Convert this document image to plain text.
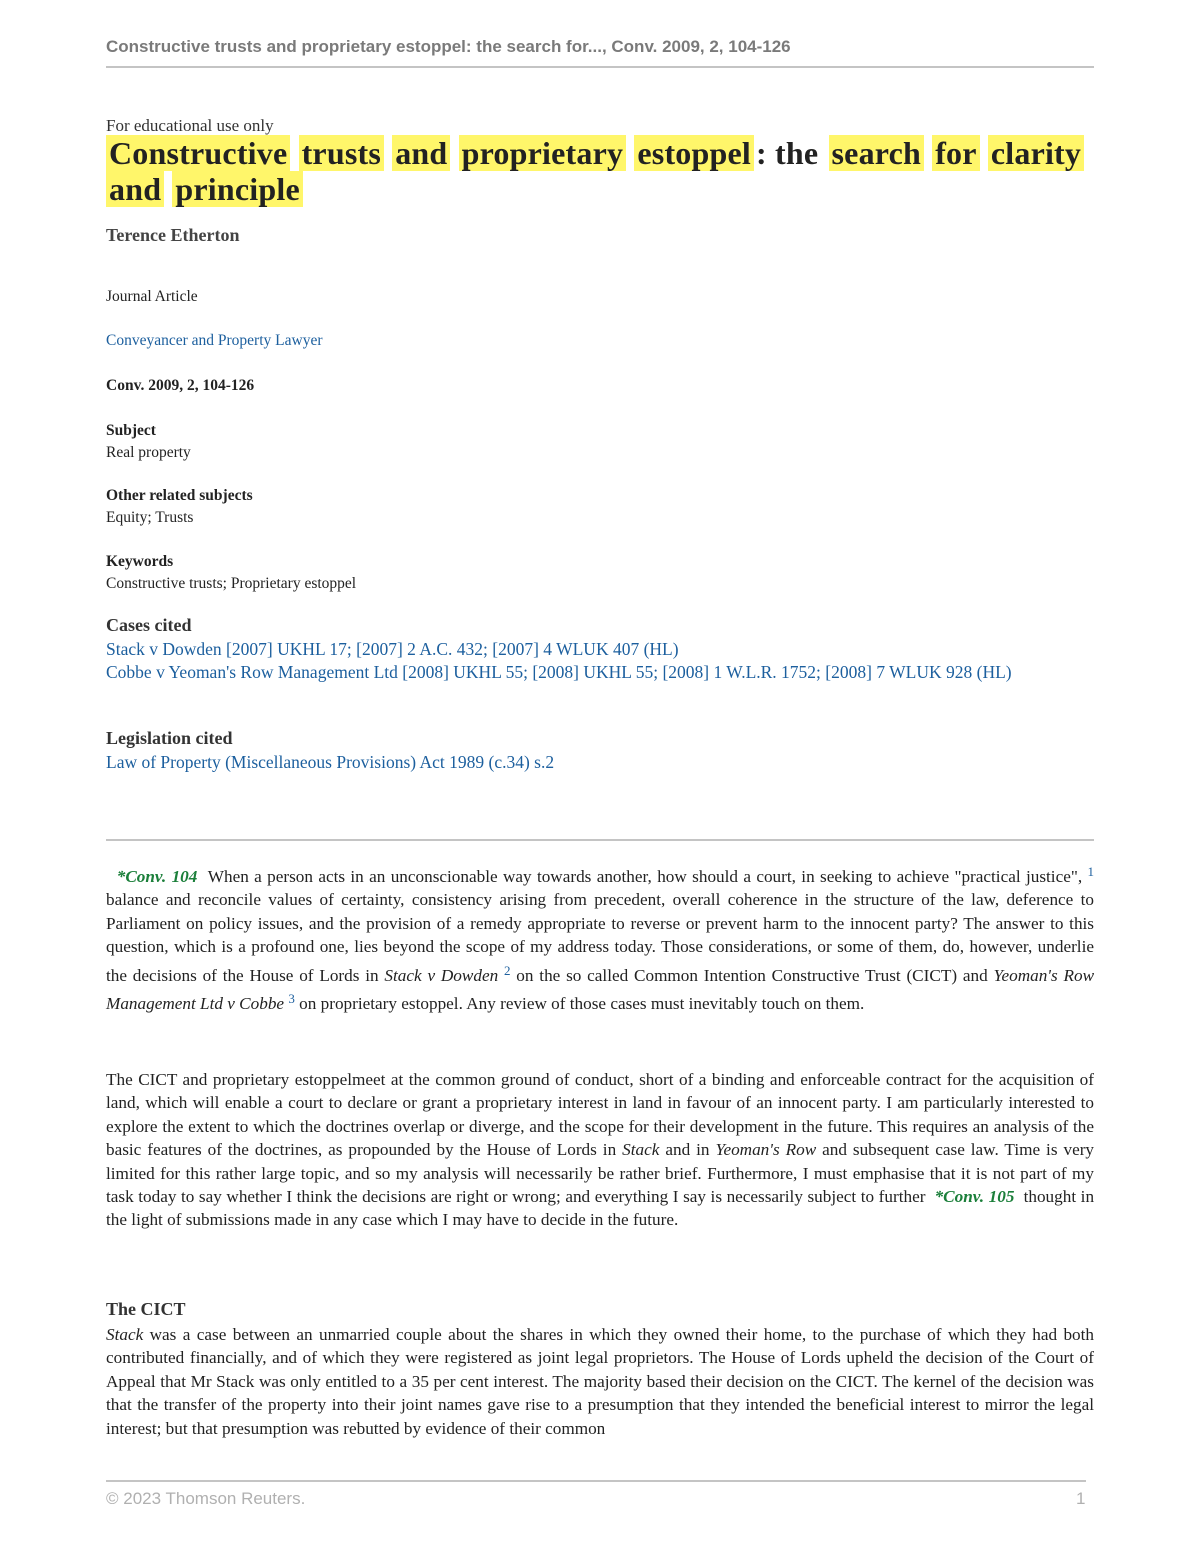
Constructive trusts and proprietary estoppel: the search for..., Conv. 2009, 2, 104-126
For educational use only
Constructive trusts and proprietary estoppel : the search for clarity and principle
Terence Etherton
Journal Article
Conveyancer and Property Lawyer
Conv. 2009, 2, 104-126
Subject
Real property
Other related subjects
Equity; Trusts
Keywords
Constructive trusts; Proprietary estoppel
Cases cited
Stack v Dowden [2007] UKHL 17; [2007] 2 A.C. 432; [2007] 4 WLUK 407 (HL)
Cobbe v Yeoman's Row Management Ltd [2008] UKHL 55; [2008] UKHL 55; [2008] 1 W.L.R. 1752; [2008] 7 WLUK 928 (HL)
Legislation cited
Law of Property (Miscellaneous Provisions) Act 1989 (c.34) s.2

*Conv. 104 When a person acts in an unconscionable way towards another, how should a court, in seeking to achieve "practical justice", $^1$ balance and reconcile values of certainty, consistency arising from precedent, overall coherence in the structure of the law, deference to Parliament on policy issues, and the provision of a remedy appropriate to reverse or prevent harm to the innocent party? The answer to this question, which is a profound one, lies beyond the scope of my address today. Those considerations, or some of them, do, however, underlie the decisions of the House of Lords in Stack v Dowden $^2$ on the so called Common Intention Constructive Trust (CICT) and Yeoman's Row Management Ltd v Cobbe $^3$ on proprietary estoppel. Any review of those cases must inevitably touch on them.

The CICT and proprietary estoppelmeet at the common ground of conduct, short of a binding and enforceable contract for the acquisition of land, which will enable a court to declare or grant a proprietary interest in land in favour of an innocent party. I am particularly interested to explore the extent to which the doctrines overlap or diverge, and the scope for their development in the future. This requires an analysis of the basic features of the doctrines, as propounded by the House of Lords in Stack and in Yeoman's Row and subsequent case law. Time is very limited for this rather large topic, and so my analysis will necessarily be rather brief. Furthermore, I must emphasise that it is not part of my task today to say whether I think the decisions are right or wrong; and everything I say is necessarily subject to further *Conv. 105 thought in the light of submissions made in any case which I may have to decide in the future.

The CICT

Stack was a case between an unmarried couple about the shares in which they owned their home, to the purchase of which they had both contributed financially, and of which they were registered as joint legal proprietors. The House of Lords upheld the decision of the Court of Appeal that Mr Stack was only entitled to a 35 per cent interest. The majority based their decision on the CICT. The kernel of the decision was that the transfer of the property into their joint names gave rise to a presumption that they intended the beneficial interest to mirror the legal interest; but that presumption was rebutted by evidence of their common

© 2023 Thomson Reuters.	1
